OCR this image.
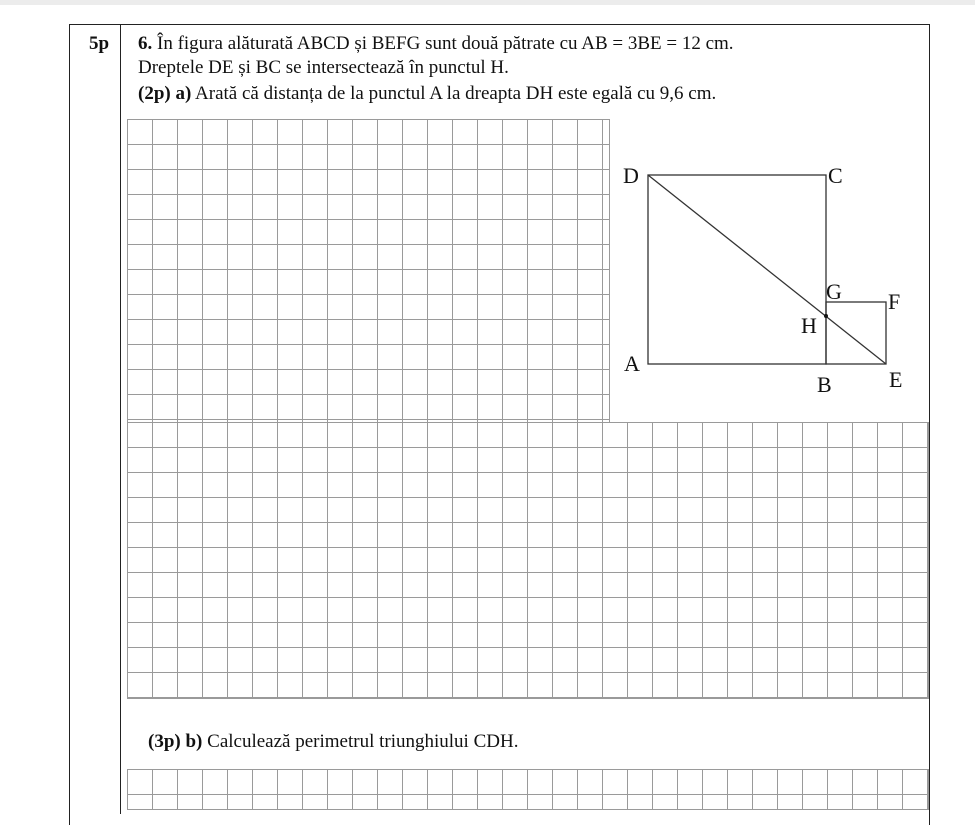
5p 6. În figura alăturată ABCD și BEFG sunt două pătrate cu AB = 3BE = 12 cm.
Dreptele DE și BC se intersectează în punctul H.
(2p) a) Arată că distanța de la punctul A la dreapta DH este egală cu 9,6 cm.
D	C
G F
H
A
B	E
(3p) b) Calculează perimetrul triunghiului CDH.
